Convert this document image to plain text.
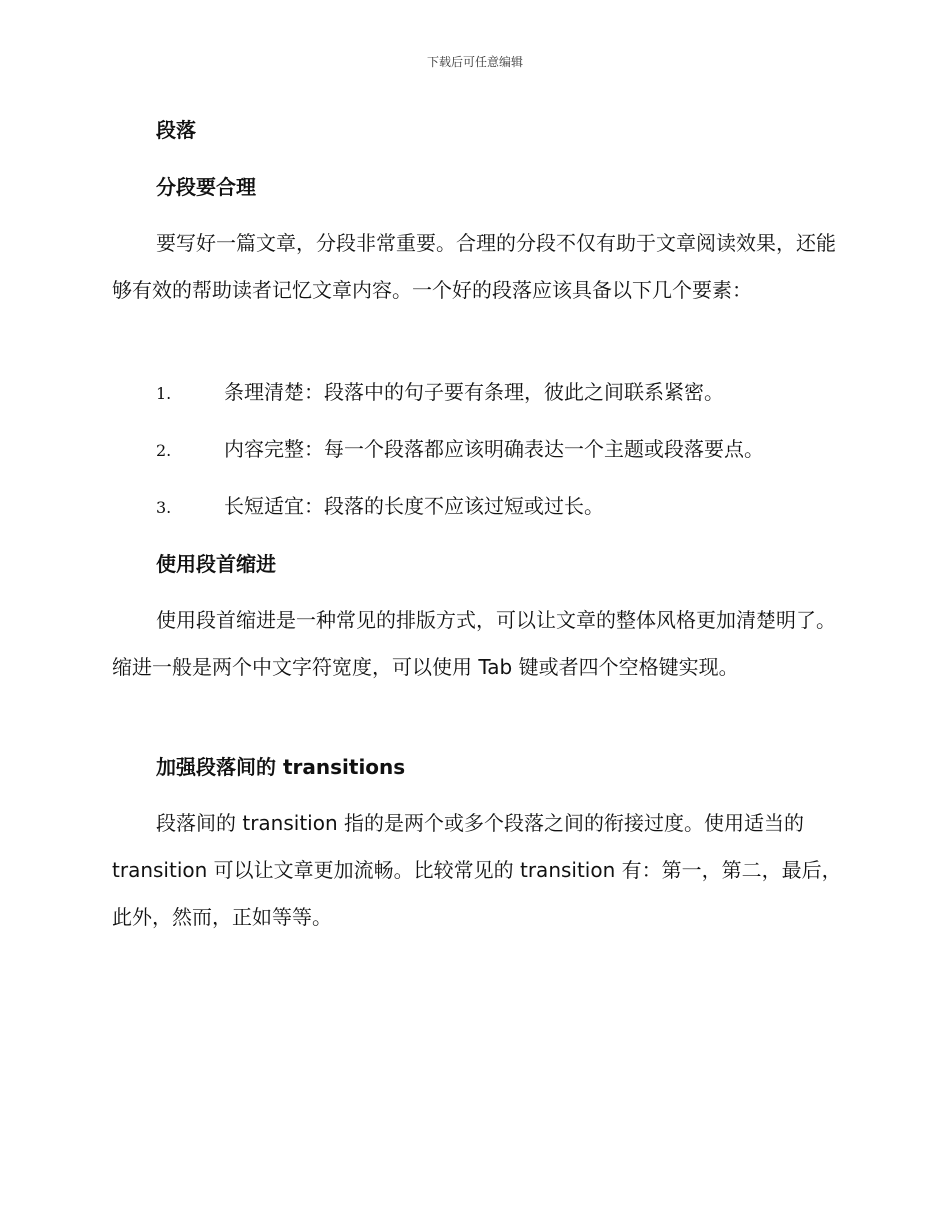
下载后可任意编辑
段落
分段要合理

要写好一篇文章，分段非常重要。合理的分段不仅有助于文章阅读效果，还能够有效的帮助读者记忆文章内容。一个好的段落应该具备以下几个要素：

1.	条理清楚：段落中的句子要有条理，彼此之间联系紧密。
2.	内容完整：每一个段落都应该明确表达一个主题或段落要点。
3.	长短适宜：段落的长度不应该过短或过长。
使用段首缩进

使用段首缩进是一种常见的排版方式，可以让文章的整体风格更加清楚明了。缩进一般是两个中文字符宽度，可以使用 Tab 键或者四个空格键实现。

加强段落间的 transitions

段落间的 transition 指的是两个或多个段落之间的衔接过度。使用适当的 transition 可以让文章更加流畅。比较常见的 transition 有：第一，第二，最后，此外，然而，正如等等。
